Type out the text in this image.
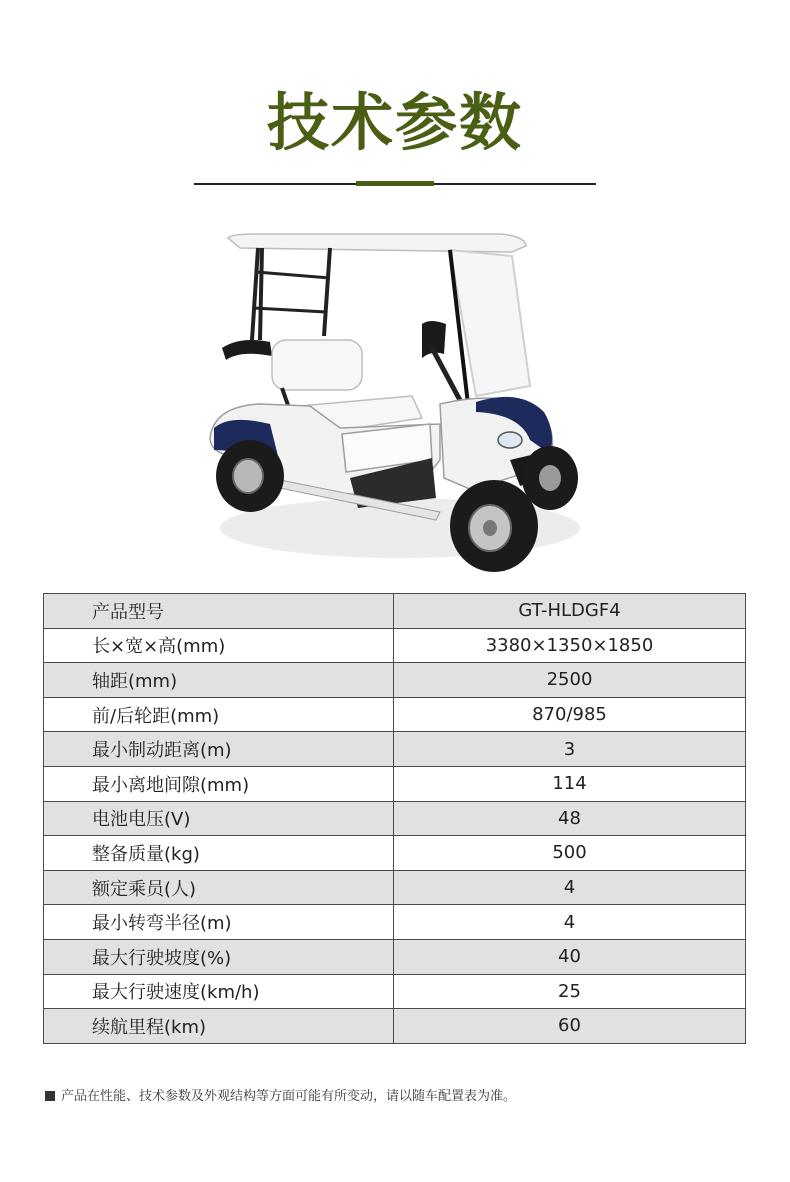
技术参数
产品型号	GT-HLDGF4
长×宽×高(mm)	3380×1350×1850
轴距(mm)	2500
前/后轮距(mm)	870/985
最小制动距离(m)	3
最小离地间隙(mm)	114
电池电压(V)	48
整备质量(kg)	500
额定乘员(人)	4
最小转弯半径(m)	4
最大行驶坡度(%)	40
最大行驶速度(km/h)	25
续航里程(km)	60
产品在性能、技术参数及外观结构等方面可能有所变动，请以随车配置表为准。
